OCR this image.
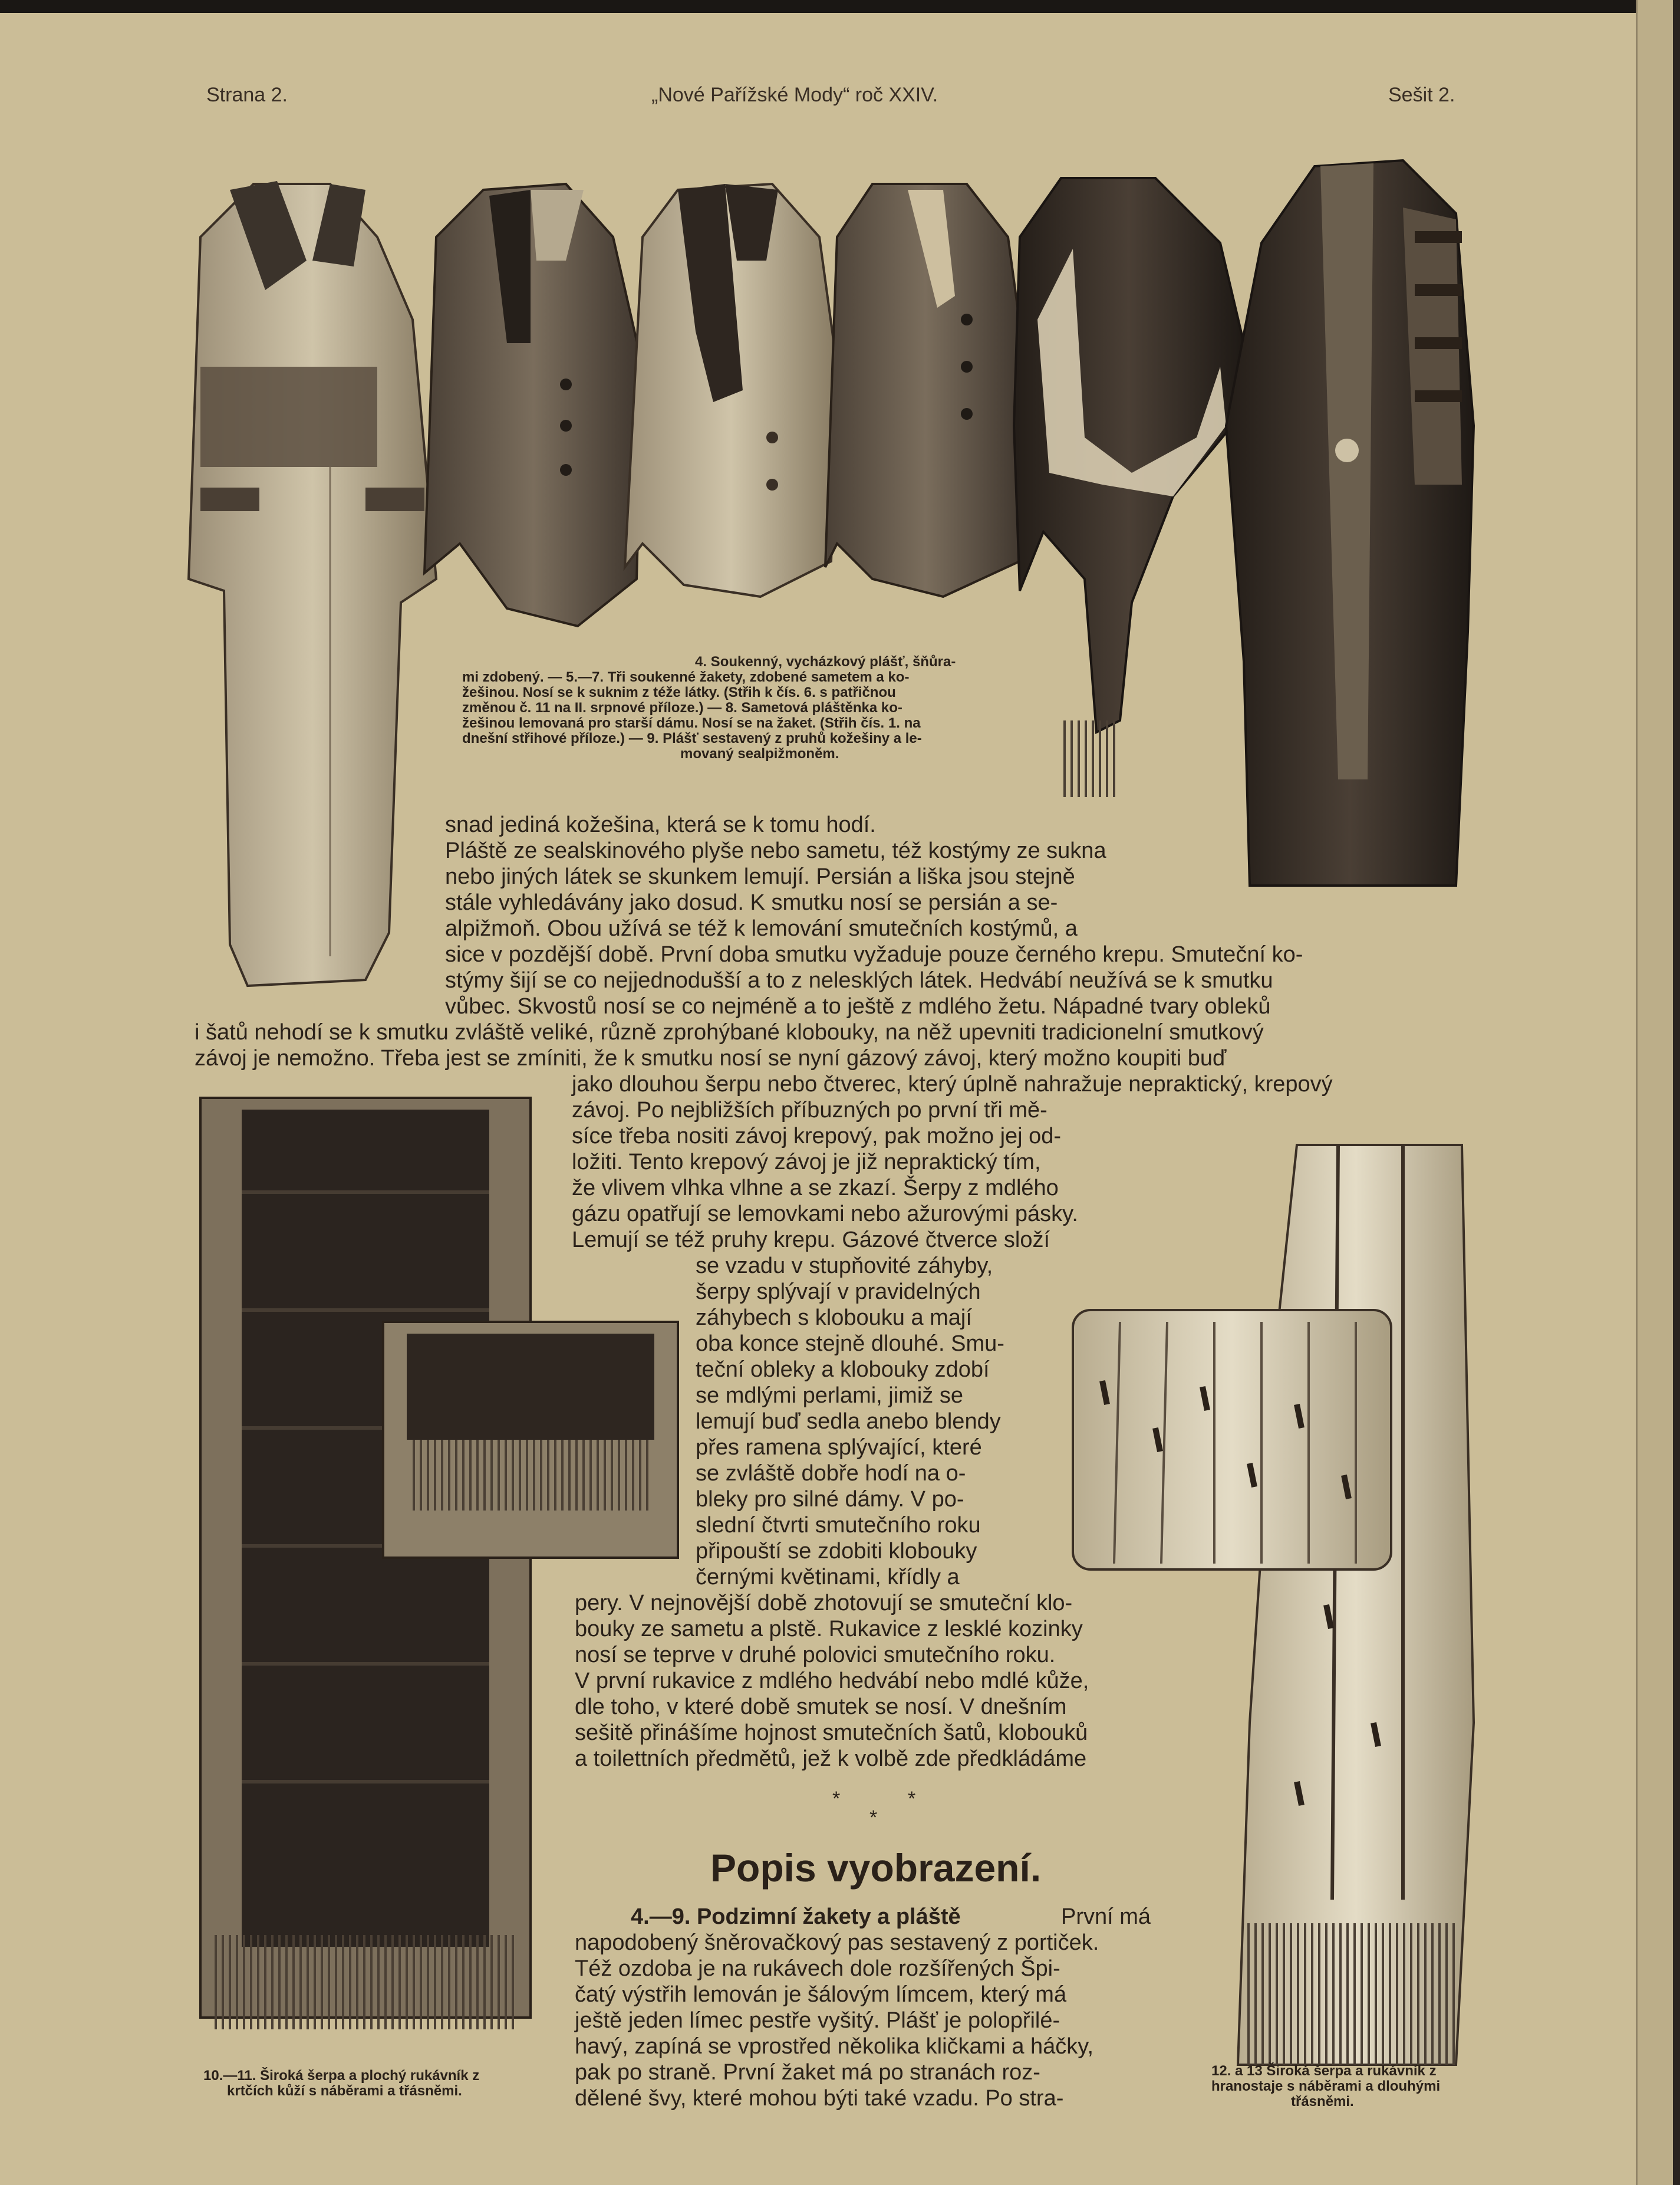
Strana 2.	„Nové Pařížské Mody“ roč XXIV.	Sešit 2.
4. Soukenný, vycházkový plášť, šňůra-
mi zdobený. — 5.—7. Tři soukenné žakety, zdobené sametem a ko-
žešinou. Nosí se k suknim z téže látky. (Střih k čís. 6. s patřičnou
změnou č. 11 na II. srpnové příloze.) — 8. Sametová pláštěnka ko-
žešinou lemovaná pro starší dámu. Nosí se na žaket. (Střih čís. 1. na
dnešní střihové příloze.) — 9. Plášť sestavený z pruhů kožešiny a le-
movaný sealpižmoněm.
10.—11. Široká šerpa a plochý rukávník z
krtčích kůží s náběrami a třásněmi.
12. a 13 Široká šerpa a rukávník z
hranostaje s náběrami a dlouhými
třásněmi.
snad jediná kožešina, která se k tomu hodí.
Pláště ze sealskinového plyše nebo sametu, též kostýmy ze sukna
nebo jiných látek se skunkem lemují. Persián a liška jsou stejně
stále vyhledávány jako dosud. K smutku nosí se persián a se-
alpižmoň. Obou užívá se též k lemování smutečních kostýmů, a
sice v pozdější době. První doba smutku vyžaduje pouze černého krepu. Smuteční ko-
stýmy šijí se co nejjednodušší a to z nelesklých látek. Hedvábí neužívá se k smutku
vůbec. Skvostů nosí se co nejméně a to ještě z mdlého žetu. Nápadné tvary obleků
i šatů nehodí se k smutku zvláště veliké, různě zprohýbané klobouky, na něž upevniti tradicionelní smutkový
závoj je nemožno. Třeba jest se zmíniti, že k smutku nosí se nyní gázový závoj, který možno koupiti buď
jako dlouhou šerpu nebo čtverec, který úplně nahražuje nepraktický, krepový
závoj. Po nejbližších příbuzných po první tři mě-
síce třeba nositi závoj krepový, pak možno jej od-
ložiti. Tento krepový závoj je již nepraktický tím,
že vlivem vlhka vlhne a se zkazí. Šerpy z mdlého
gázu opatřují se lemovkami nebo ažurovými pásky.
Lemují se též pruhy krepu. Gázové čtverce složí
se vzadu v stupňovité záhyby,
šerpy splývají v pravidelných
záhybech s klobouku a mají
oba konce stejně dlouhé. Smu-
teční obleky a klobouky zdobí
se mdlými perlami, jimiž se
lemují buď sedla anebo blendy
přes ramena splývající, které
se zvláště dobře hodí na o-
bleky pro silné dámy. V po-
slední čtvrti smutečního roku
připouští se zdobiti klobouky
černými květinami, křídly a
pery. V nejnovější době zhotovují se smuteční klo-
bouky ze sametu a plstě. Rukavice z lesklé kozinky
nosí se teprve v druhé polovici smutečního roku.
V první rukavice z mdlého hedvábí nebo mdlé kůže,
dle toho, v které době smutek se nosí. V dnešním
sešitě přinášíme hojnost smutečních šatů, klobouků
a toilettních předmětů, jež k volbě zde předkládáme
*	*
*
Popis vyobrazení.
4.—9. Podzimní žakety a pláště	První má
napodobený šněrovačkový pas sestavený z portiček.
Též ozdoba je na rukávech dole rozšířených Špi-
čatý výstřih lemován je šálovým límcem, který má
ještě jeden límec pestře vyšitý. Plášť je polopřilé-
havý, zapíná se vprostřed několika kličkami a háčky,
pak po straně. První žaket má po stranách roz-
dělené švy, které mohou býti také vzadu. Po stra-
